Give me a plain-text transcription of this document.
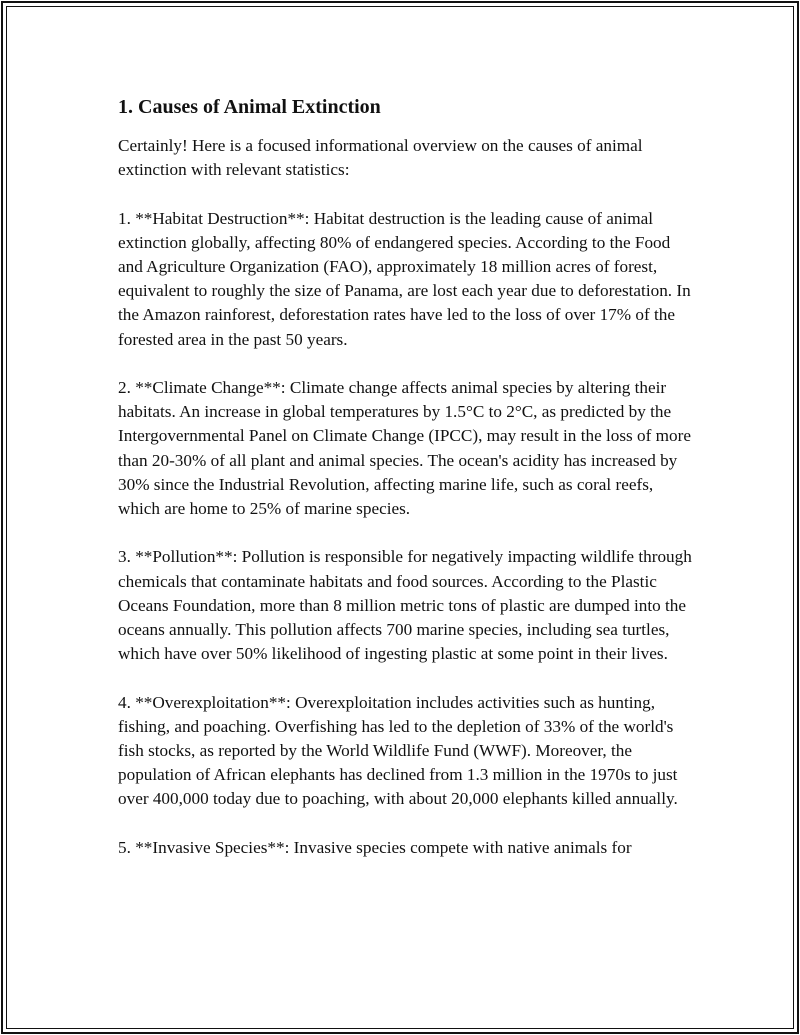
1. Causes of Animal Extinction

Certainly! Here is a focused informational overview on the causes of animal extinction with relevant statistics:

1. **Habitat Destruction**: Habitat destruction is the leading cause of animal extinction globally, affecting 80% of endangered species. According to the Food and Agriculture Organization (FAO), approximately 18 million acres of forest, equivalent to roughly the size of Panama, are lost each year due to deforestation. In the Amazon rainforest, deforestation rates have led to the loss of over 17% of the forested area in the past 50 years.

2. **Climate Change**: Climate change affects animal species by altering their habitats. An increase in global temperatures by 1.5°C to 2°C, as predicted by the Intergovernmental Panel on Climate Change (IPCC), may result in the loss of more than 20-30% of all plant and animal species. The ocean's acidity has increased by 30% since the Industrial Revolution, affecting marine life, such as coral reefs, which are home to 25% of marine species.

3. **Pollution**: Pollution is responsible for negatively impacting wildlife through chemicals that contaminate habitats and food sources. According to the Plastic Oceans Foundation, more than 8 million metric tons of plastic are dumped into the oceans annually. This pollution affects 700 marine species, including sea turtles, which have over 50% likelihood of ingesting plastic at some point in their lives.

4. **Overexploitation**: Overexploitation includes activities such as hunting, fishing, and poaching. Overfishing has led to the depletion of 33% of the world's fish stocks, as reported by the World Wildlife Fund (WWF). Moreover, the population of African elephants has declined from 1.3 million in the 1970s to just over 400,000 today due to poaching, with about 20,000 elephants killed annually.

5. **Invasive Species**: Invasive species compete with native animals for
